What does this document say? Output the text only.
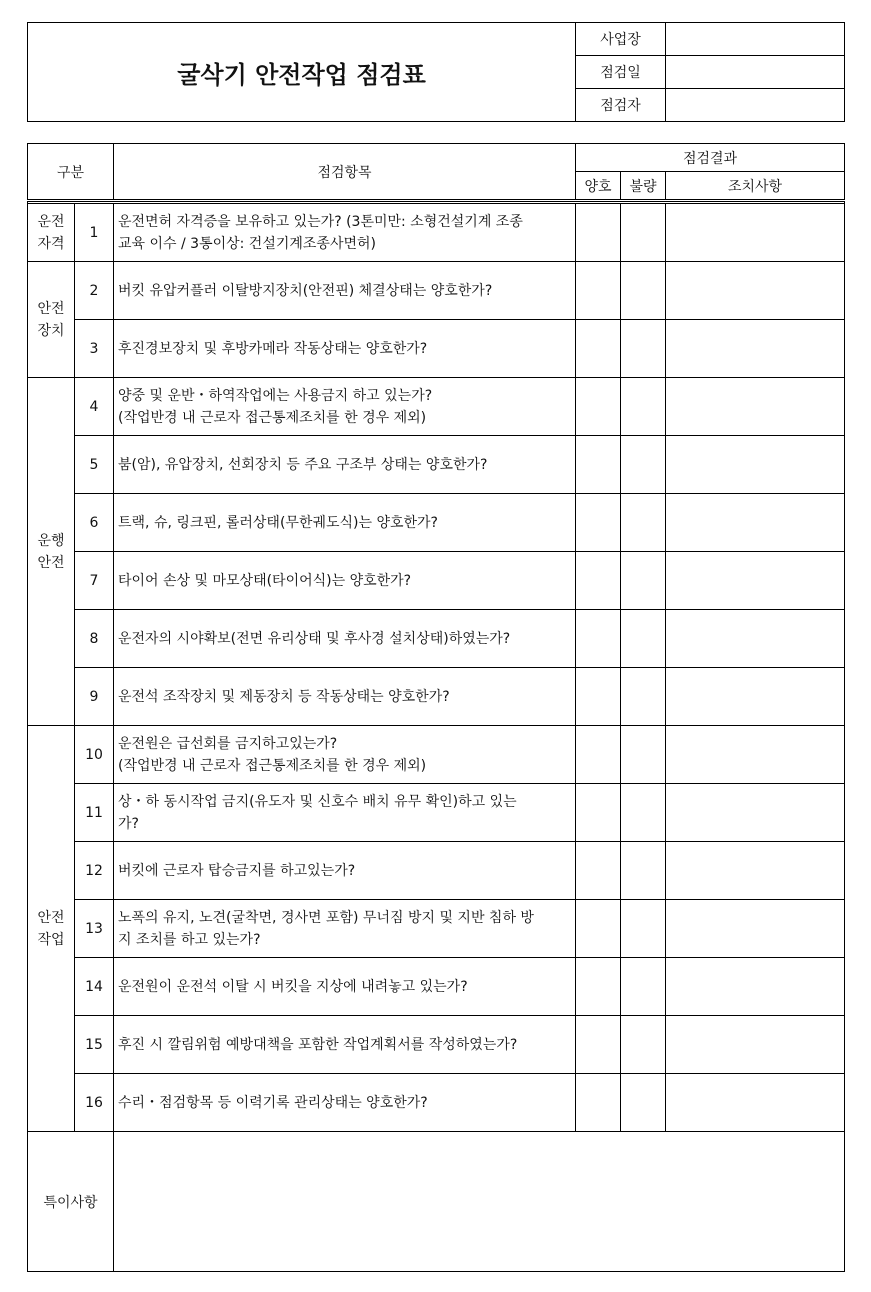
굴삭기 안전작업 점검표	사업장	
	점검일	
	점검자	
구분		점검항목	점검결과		
			양호	불량	조치사항

운전
자격	1	운전면허 자격증을 보유하고 있는가? (3톤미만: 소형건설기계 조종
교육 이수 / 3통이상: 건설기계조종사면허)			
안전
장치	2	버킷 유압커플러 이탈방지장치(안전핀) 체결상태는 양호한가?			
	3	후진경보장치 및 후방카메라 작동상태는 양호한가?			
운행
안전	4	양중 및 운반・하역작업에는 사용금지 하고 있는가?
(작업반경 내 근로자 접근통제조치를 한 경우 제외)			
	5	붐(암), 유압장치, 선회장치 등 주요 구조부 상태는 양호한가?			
	6	트랙, 슈, 링크핀, 롤러상태(무한궤도식)는 양호한가?			
	7	타이어 손상 및 마모상태(타이어식)는 양호한가?			
	8	운전자의 시야확보(전면 유리상태 및 후사경 설치상태)하였는가?			
	9	운전석 조작장치 및 제동장치 등 작동상태는 양호한가?			
안전
작업	10	운전원은 급선회를 금지하고있는가?
(작업반경 내 근로자 접근통제조치를 한 경우 제외)			
	11	상・하 동시작업 금지(유도자 및 신호수 배치 유무 확인)하고 있는
가?			
	12	버킷에 근로자 탑승금지를 하고있는가?			
	13	노폭의 유지, 노견(굴착면, 경사면 포함) 무너짐 방지 및 지반 침하 방
지 조치를 하고 있는가?			
	14	운전원이 운전석 이탈 시 버킷을 지상에 내려놓고 있는가?			
	15	후진 시 깔림위험 예방대책을 포함한 작업계획서를 작성하였는가?			
	16	수리・점검항목 등 이력기록 관리상태는 양호한가?			
특이사항					
